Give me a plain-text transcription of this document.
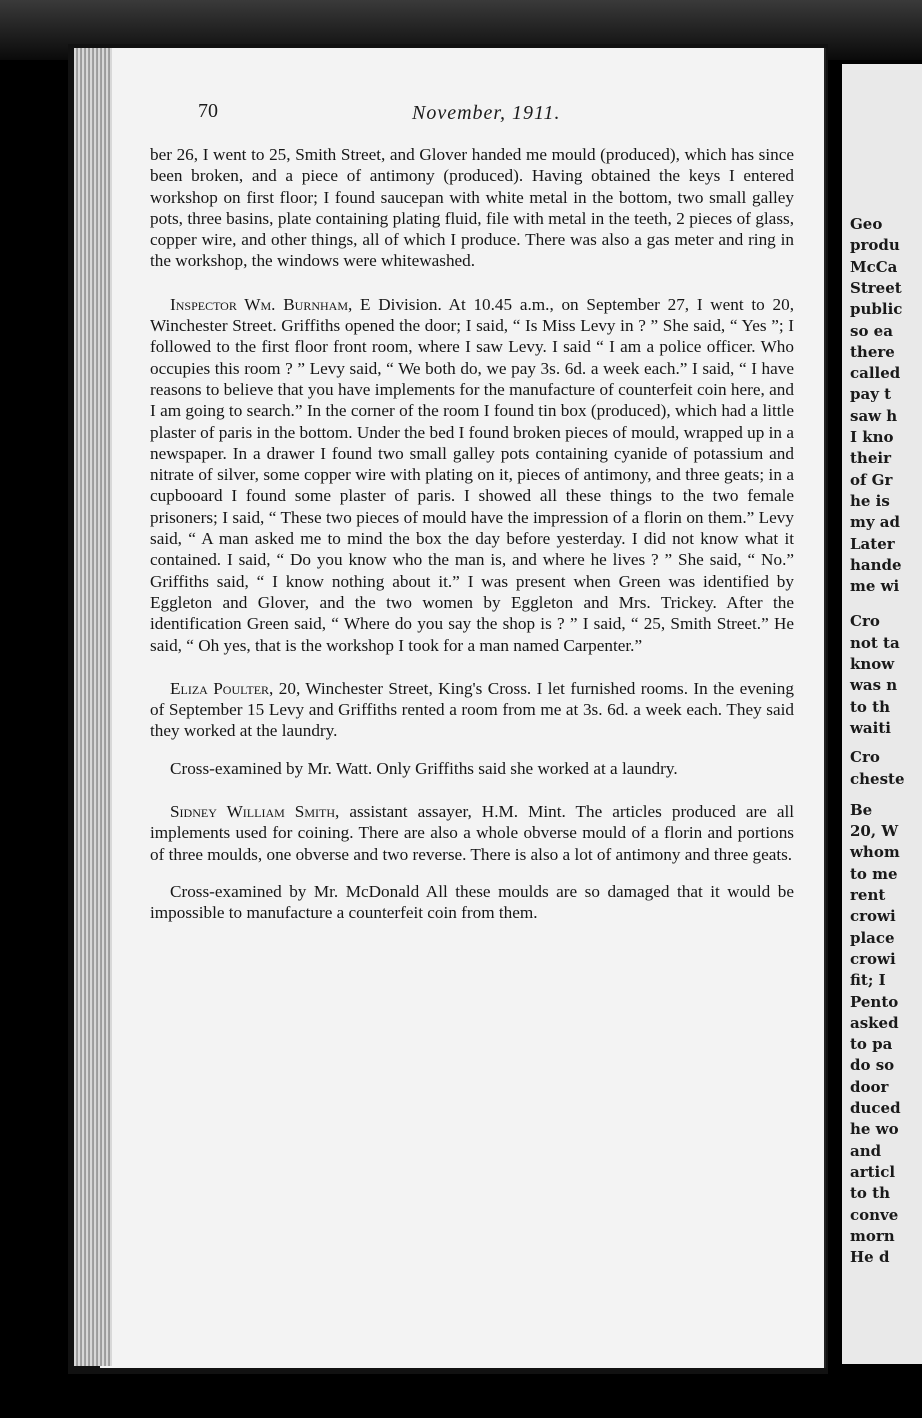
Geo
produ
McCa
Street
public
so ea
there
called
pay t
saw h
I kno
their
of Gr
he is
my ad
Later
hande
me wi
Cro
not ta
know
was n
to th
waiti
Cro
cheste
Be
20, W
whom
to me
rent
crowi
place
crowi
fit; I
Pento
asked
to pa
do so
door
duced
he wo
and
articl
to th
conve
morn
He d
70	November, 1911.

ber 26, I went to 25, Smith Street, and Glover handed me mould (produced), which has since been broken, and a piece of antimony (produced). Having obtained the keys I entered workshop on first floor; I found saucepan with white metal in the bottom, two small galley pots, three basins, plate containing plating fluid, file with metal in the teeth, 2 pieces of glass, copper wire, and other things, all of which I produce. There was also a gas meter and ring in the workshop, the windows were whitewashed.

Inspector Wm. Burnham, E Division. At 10.45 a.m., on September 27, I went to 20, Winchester Street. Griffiths opened the door; I said, “ Is Miss Levy in ? ” She said, “ Yes ”; I followed to the first floor front room, where I saw Levy. I said “ I am a police officer. Who occupies this room ? ” Levy said, “ We both do, we pay 3s. 6d. a week each.” I said, “ I have reasons to believe that you have implements for the manufacture of counterfeit coin here, and I am going to search.” In the corner of the room I found tin box (produced), which had a little plaster of paris in the bottom. Under the bed I found broken pieces of mould, wrapped up in a newspaper. In a drawer I found two small galley pots containing cyanide of potassium and nitrate of silver, some copper wire with plating on it, pieces of antimony, and three geats; in a cupbooard I found some plaster of paris. I showed all these things to the two female prisoners; I said, “ These two pieces of mould have the impression of a florin on them.” Levy said, “ A man asked me to mind the box the day before yesterday. I did not know what it contained. I said, “ Do you know who the man is, and where he lives ? ” She said, “ No.” Griffiths said, “ I know nothing about it.” I was present when Green was identified by Eggleton and Glover, and the two women by Eggleton and Mrs. Trickey. After the identification Green said, “ Where do you say the shop is ? ” I said, “ 25, Smith Street.” He said, “ Oh yes, that is the workshop I took for a man named Carpenter.”

Eliza Poulter, 20, Winchester Street, King's Cross. I let furnished rooms. In the evening of September 15 Levy and Griffiths rented a room from me at 3s. 6d. a week each. They said they worked at the laundry.

Cross-examined by Mr. Watt. Only Griffiths said she worked at a laundry.

Sidney William Smith, assistant assayer, H.M. Mint. The articles produced are all implements used for coining. There are also a whole obverse mould of a florin and portions of three moulds, one obverse and two reverse. There is also a lot of antimony and three geats.

Cross-examined by Mr. McDonald All these moulds are so damaged that it would be impossible to manufacture a counterfeit coin from them.
